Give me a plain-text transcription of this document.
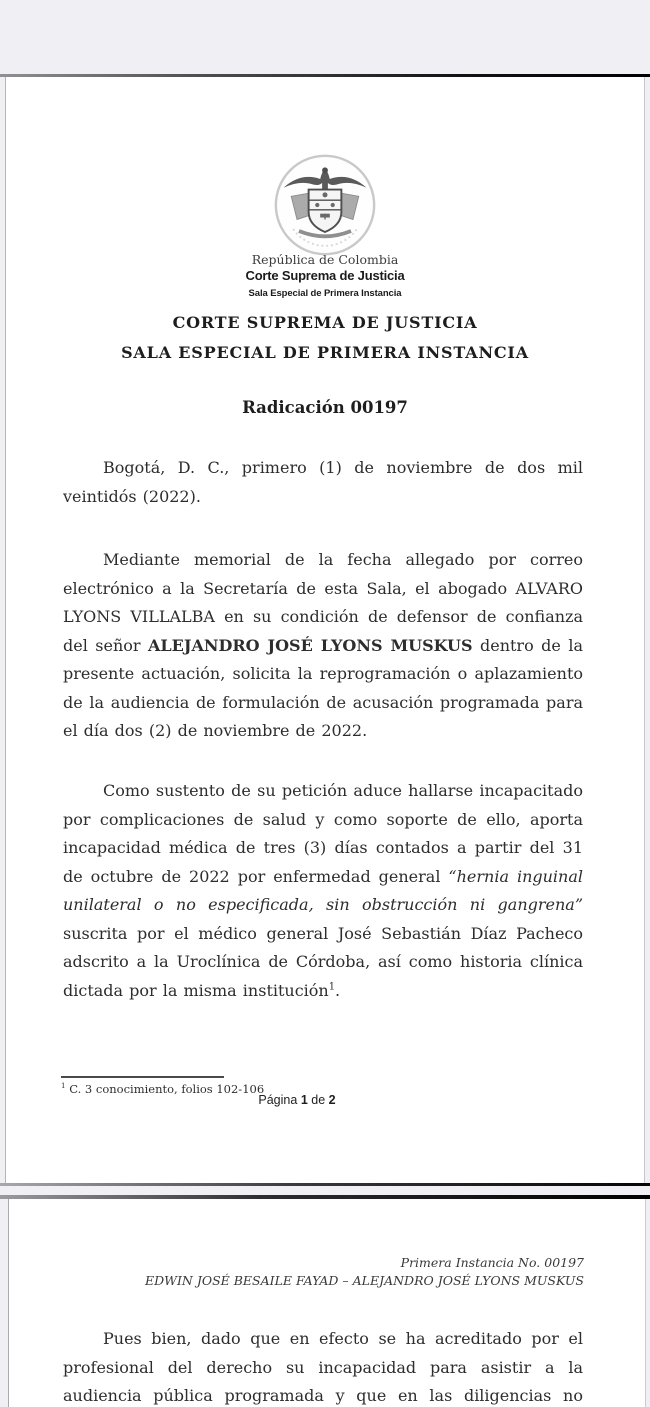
República de Colombia
Corte Suprema de Justicia
Sala Especial de Primera Instancia
CORTE SUPREMA DE JUSTICIA
SALA ESPECIAL DE PRIMERA INSTANCIA
Radicación 00197

Bogotá, D. C., primero (1) de noviembre de dos mil veintidós (2022).

Mediante memorial de la fecha allegado por correo electrónico a la Secretaría de esta Sala, el abogado ALVARO LYONS VILLALBA en su condición de defensor de confianza del señor ALEJANDRO JOSÉ LYONS MUSKUS dentro de la presente actuación, solicita la reprogramación o aplazamiento de la audiencia de formulación de acusación programada para el día dos (2) de noviembre de 2022.

Como sustento de su petición aduce hallarse incapacitado por complicaciones de salud y como soporte de ello, aporta incapacidad médica de tres (3) días contados a partir del 31 de octubre de 2022 por enfermedad general “hernia inguinal unilateral o no especificada, sin obstrucción ni gangrena” suscrita por el médico general José Sebastián Díaz Pacheco adscrito a la Uroclínica de Córdoba, así como historia clínica dictada por la misma institución$^1$.

$^1$ C. 3 conocimiento, folios 102-106
Página 1 de 2
Primera Instancia No. 00197
EDWIN JOSÉ BESAILE FAYAD – ALEJANDRO JOSÉ LYONS MUSKUS

Pues bien, dado que en efecto se ha acreditado por el profesional del derecho su incapacidad para asistir a la audiencia pública programada y que en las diligencias no
